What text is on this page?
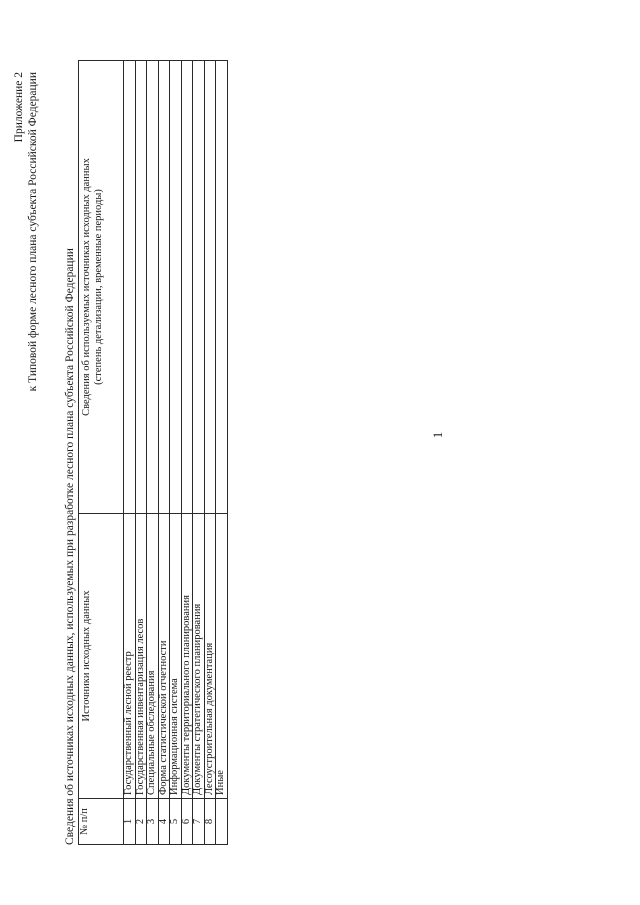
1
Приложение 2 к Типовой форме лесного плана субъекта Российской Федерации
Сведения об источниках исходных данных, используемых при разработке лесного плана субъекта Российской Федерации № п/п	Источники исходных данных	Сведения об используемых источниках исходных данных (степень детализации, временные периоды)

1	Государственный лесной реестр	
2	Государственная инвентаризация лесов	
3	Специальные обследования	
4	Форма статистической отчетности	
5	Информационная система	
6	Документы территориального планирования	
7	Документы стратегического планирования	
8	Лесоустроительная документация	
	Иные	
